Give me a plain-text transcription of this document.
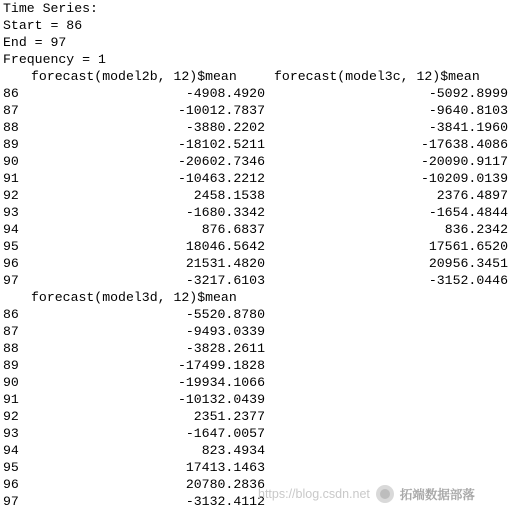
Time Series:
Start = 86
End = 97
Frequency = 1

forecast(model2b, 12)$mean

	forecast(model3c, 12)$mean

86	-4908.4920	-5092.8999
87	-10012.7837	-9640.8103
88	-3880.2202	-3841.1960
89	-18102.5211	-17638.4086
90	-20602.7346	-20090.9117
91	-10463.2212	-10209.0139
92	2458.1538	2376.4897
93	-1680.3342	-1654.4844
94	876.6837	836.2342
95	18046.5642	17561.6520
96	21531.4820	20956.3451
97	-3217.6103	-3152.0446

forecast(model3d, 12)$mean

86	-5520.8780
87	-9493.0339
88	-3828.2611
89	-17499.1828
90	-19934.1066
91	-10132.0439
92	2351.2377
93	-1647.0057
94	823.4934
95	17413.1463
96	20780.2836
97	-3132.4112
https://blog.csdn.net 拓端数据部落
